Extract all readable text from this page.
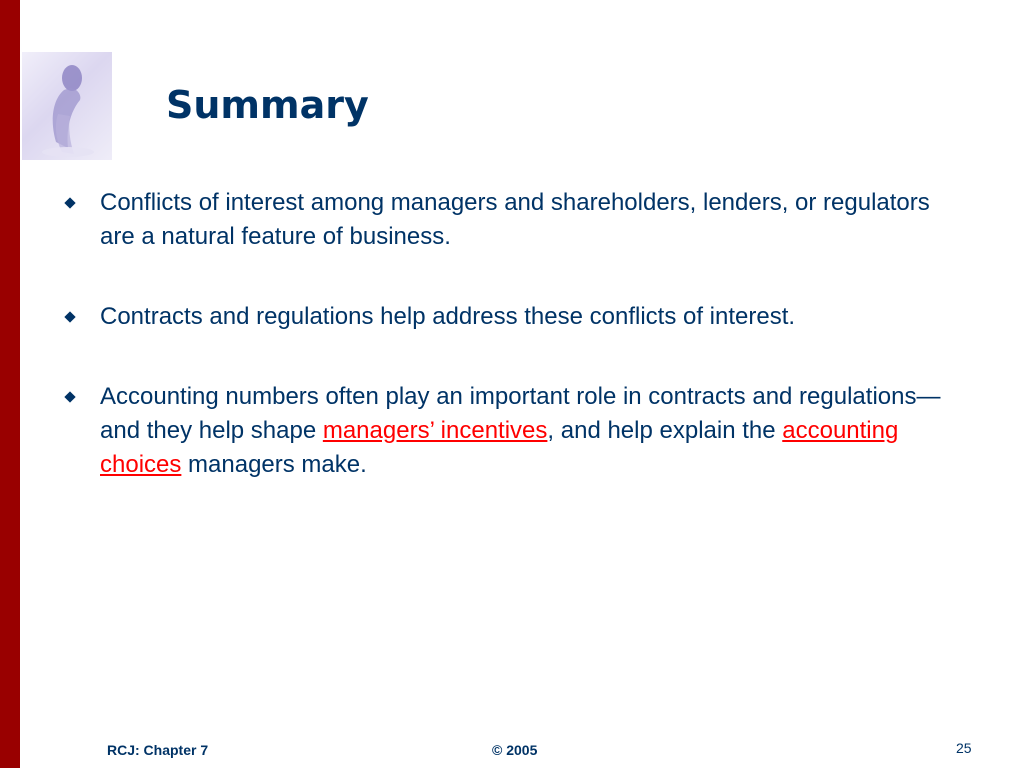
Summary
Conflicts of interest among managers and shareholders, lenders, or regulators are a natural feature of business.
Contracts and regulations help address these conflicts of interest.
Accounting numbers often play an important role in contracts and regulations—and they help shape managers’ incentives, and help explain the accounting choices managers make.
RCJ: Chapter 7	© 2005	25
